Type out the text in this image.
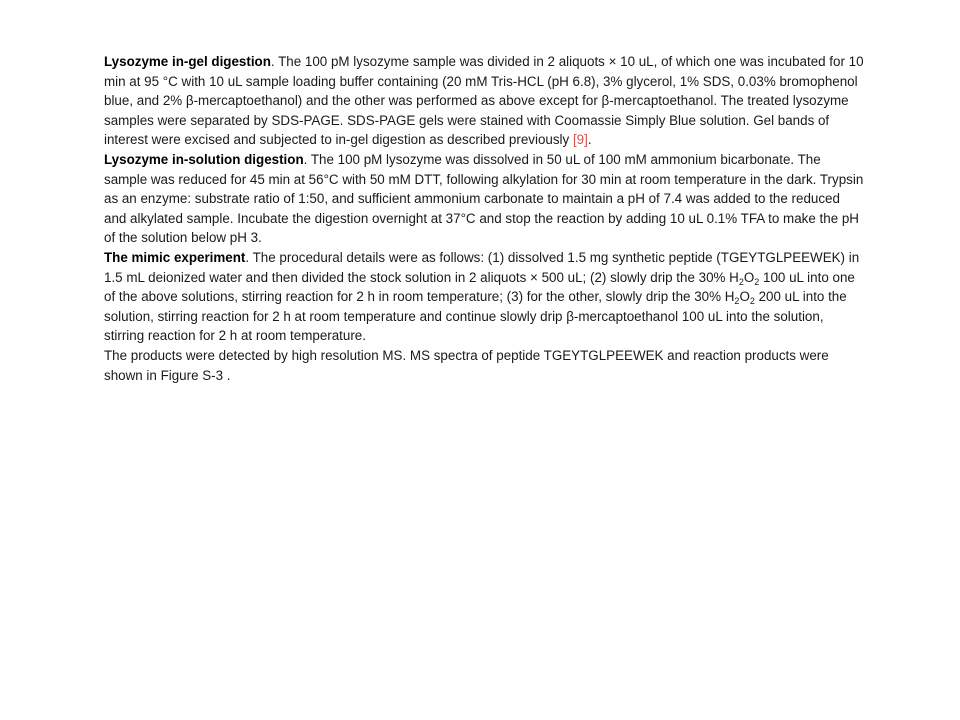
Lysozyme in-gel digestion. The 100 pM lysozyme sample was divided in 2 aliquots × 10 uL, of which one was incubated for 10 min at 95 °C with 10 uL sample loading buffer containing (20 mM Tris-HCL (pH 6.8), 3% glycerol, 1% SDS, 0.03% bromophenol blue, and 2% β-mercaptoethanol) and the other was performed as above except for β-mercaptoethanol. The treated lysozyme samples were separated by SDS-PAGE. SDS-PAGE gels were stained with Coomassie Simply Blue solution. Gel bands of interest were excised and subjected to in-gel digestion as described previously [9].

Lysozyme in-solution digestion. The 100 pM lysozyme was dissolved in 50 uL of 100 mM ammonium bicarbonate. The sample was reduced for 45 min at 56°C with 50 mM DTT, following alkylation for 30 min at room temperature in the dark. Trypsin as an enzyme: substrate ratio of 1:50, and sufficient ammonium carbonate to maintain a pH of 7.4 was added to the reduced and alkylated sample. Incubate the digestion overnight at 37°C and stop the reaction by adding 10 uL 0.1% TFA to make the pH of the solution below pH 3.

The mimic experiment. The procedural details were as follows: (1) dissolved 1.5 mg synthetic peptide (TGEYTGLPEEWEK) in 1.5 mL deionized water and then divided the stock solution in 2 aliquots × 500 uL; (2) slowly drip the 30% $H_2O_2$ 100 uL into one of the above solutions, stirring reaction for 2 h in room temperature; (3) for the other, slowly drip the 30% $H_2O_2$ 200 uL into the solution, stirring reaction for 2 h at room temperature and continue slowly drip β-mercaptoethanol 100 uL into the solution, stirring reaction for 2 h at room temperature.

The products were detected by high resolution MS. MS spectra of peptide TGEYTGLPEEWEK and reaction products were shown in Figure S-3 .
